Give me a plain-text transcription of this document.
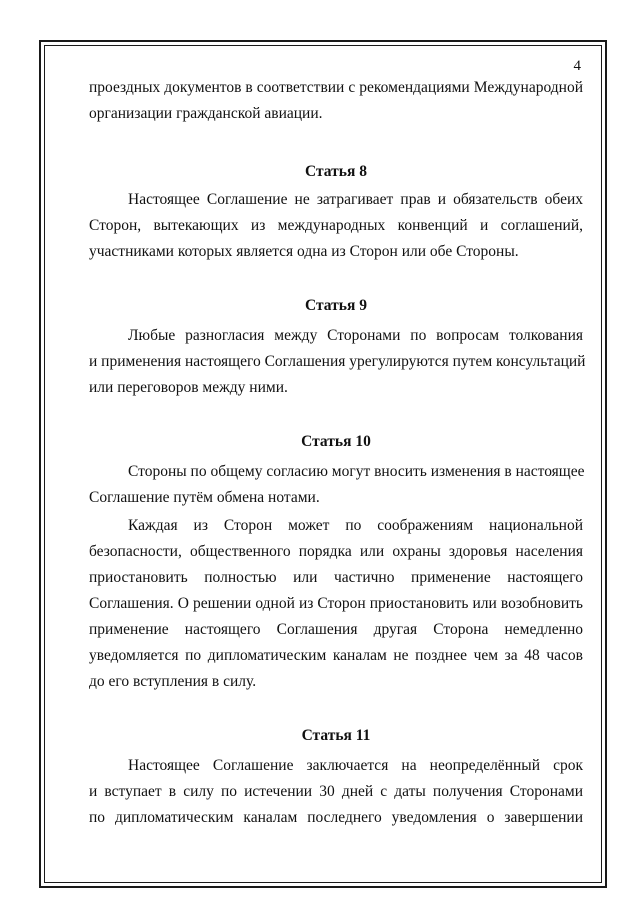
4
проездных документов в соответствии с рекомендациями Международной
организации гражданской авиации.
Статья 8
Настоящее Соглашение не затрагивает прав и обязательств обеих
Сторон, вытекающих из международных конвенций и соглашений,
участниками которых является одна из Сторон или обе Стороны.
Статья 9
Любые разногласия между Сторонами по вопросам толкования
и применения настоящего Соглашения урегулируются путем консультаций
или переговоров между ними.
Статья 10
Стороны по общему согласию могут вносить изменения в настоящее
Соглашение путём обмена нотами.
Каждая из Сторон может по соображениям национальной
безопасности, общественного порядка или охраны здоровья населения
приостановить полностью или частично применение настоящего
Соглашения. О решении одной из Сторон приостановить или возобновить
применение настоящего Соглашения другая Сторона немедленно
уведомляется по дипломатическим каналам не позднее чем за 48 часов
до его вступления в силу.
Статья 11
Настоящее Соглашение заключается на неопределённый срок
и вступает в силу по истечении 30 дней с даты получения Сторонами
по дипломатическим каналам последнего уведомления о завершении
